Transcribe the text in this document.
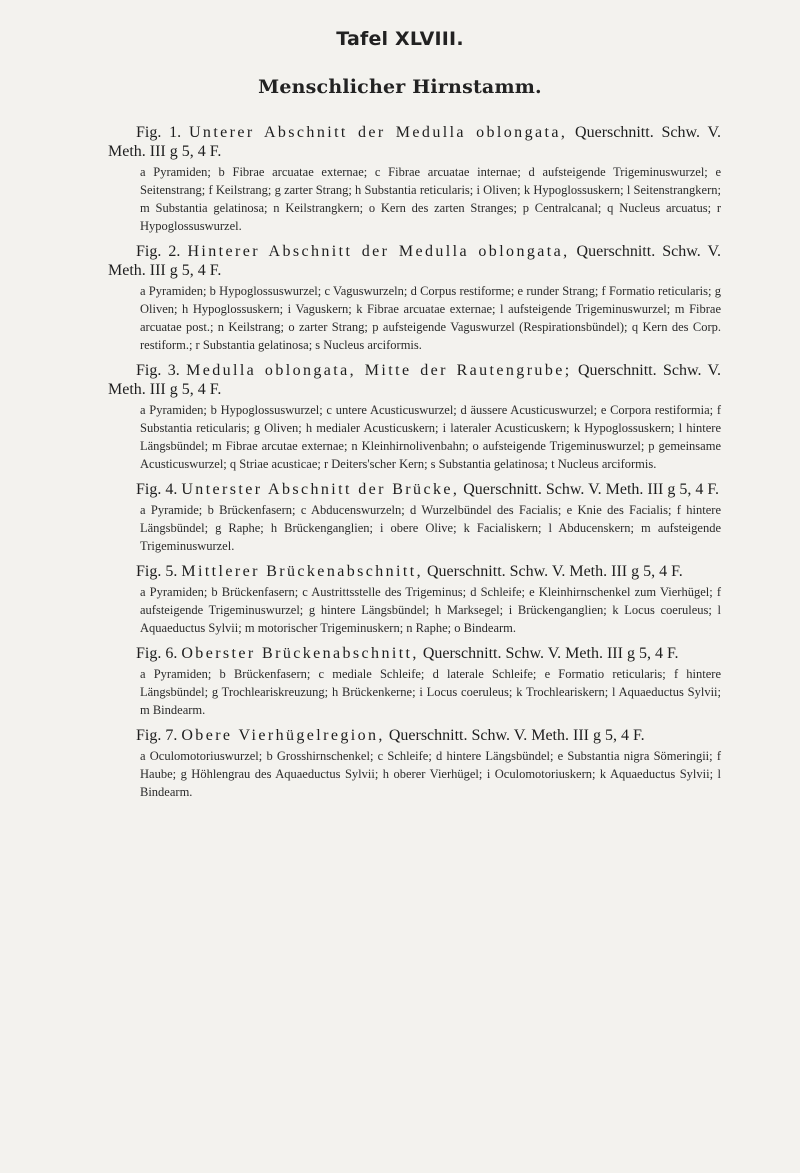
Tafel XLVIII.
Menschlicher Hirnstamm.

Fig. 1. Unterer Abschnitt der Medulla oblongata, Querschnitt. Schw. V. Meth. III g 5, 4 F.

a Pyramiden; b Fibrae arcuatae externae; c Fibrae arcuatae internae; d aufsteigende Trigeminuswurzel; e Seitenstrang; f Keilstrang; g zarter Strang; h Substantia reticularis; i Oliven; k Hypoglossuskern; l Seitenstrangkern; m Substantia gelatinosa; n Keilstrangkern; o Kern des zarten Stranges; p Centralcanal; q Nucleus arcuatus; r Hypoglossuswurzel.

Fig. 2. Hinterer Abschnitt der Medulla oblongata, Querschnitt. Schw. V. Meth. III g 5, 4 F.

a Pyramiden; b Hypoglossuswurzel; c Vaguswurzeln; d Corpus restiforme; e runder Strang; f Formatio reticularis; g Oliven; h Hypoglossuskern; i Vaguskern; k Fibrae arcuatae externae; l aufsteigende Trigeminuswurzel; m Fibrae arcuatae post.; n Keilstrang; o zarter Strang; p aufsteigende Vaguswurzel (Respirationsbündel); q Kern des Corp. restiform.; r Substantia gelatinosa; s Nucleus arciformis.

Fig. 3. Medulla oblongata, Mitte der Rautengrube; Querschnitt. Schw. V. Meth. III g 5, 4 F.

a Pyramiden; b Hypoglossuswurzel; c untere Acusticuswurzel; d äussere Acusticuswurzel; e Corpora restiformia; f Substantia reticularis; g Oliven; h medialer Acusticuskern; i lateraler Acusticuskern; k Hypoglossuskern; l hintere Längsbündel; m Fibrae arcutae externae; n Kleinhirnolivenbahn; o aufsteigende Trigeminuswurzel; p gemeinsame Acusticuswurzel; q Striae acusticae; r Deiters'scher Kern; s Substantia gelatinosa; t Nucleus arciformis.

Fig. 4. Unterster Abschnitt der Brücke, Querschnitt. Schw. V. Meth. III g 5, 4 F.

a Pyramide; b Brückenfasern; c Abducenswurzeln; d Wurzelbündel des Facialis; e Knie des Facialis; f hintere Längsbündel; g Raphe; h Brückenganglien; i obere Olive; k Facialiskern; l Abducenskern; m aufsteigende Trigeminuswurzel.

Fig. 5. Mittlerer Brückenabschnitt, Querschnitt. Schw. V. Meth. III g 5, 4 F.

a Pyramiden; b Brückenfasern; c Austrittsstelle des Trigeminus; d Schleife; e Kleinhirnschenkel zum Vierhügel; f aufsteigende Trigeminuswurzel; g hintere Längsbündel; h Marksegel; i Brückenganglien; k Locus coeruleus; l Aquaeductus Sylvii; m motorischer Trigeminuskern; n Raphe; o Bindearm.

Fig. 6. Oberster Brückenabschnitt, Querschnitt. Schw. V. Meth. III g 5, 4 F.

a Pyramiden; b Brückenfasern; c mediale Schleife; d laterale Schleife; e Formatio reticularis; f hintere Längsbündel; g Trochleariskreuzung; h Brückenkerne; i Locus coeruleus; k Trochleariskern; l Aquaeductus Sylvii; m Bindearm.

Fig. 7. Obere Vierhügelregion, Querschnitt. Schw. V. Meth. III g 5, 4 F.

a Oculomotoriuswurzel; b Grosshirnschenkel; c Schleife; d hintere Längsbündel; e Substantia nigra Sömeringii; f Haube; g Höhlengrau des Aquaeductus Sylvii; h oberer Vierhügel; i Oculomotoriuskern; k Aquaeductus Sylvii; l Bindearm.
